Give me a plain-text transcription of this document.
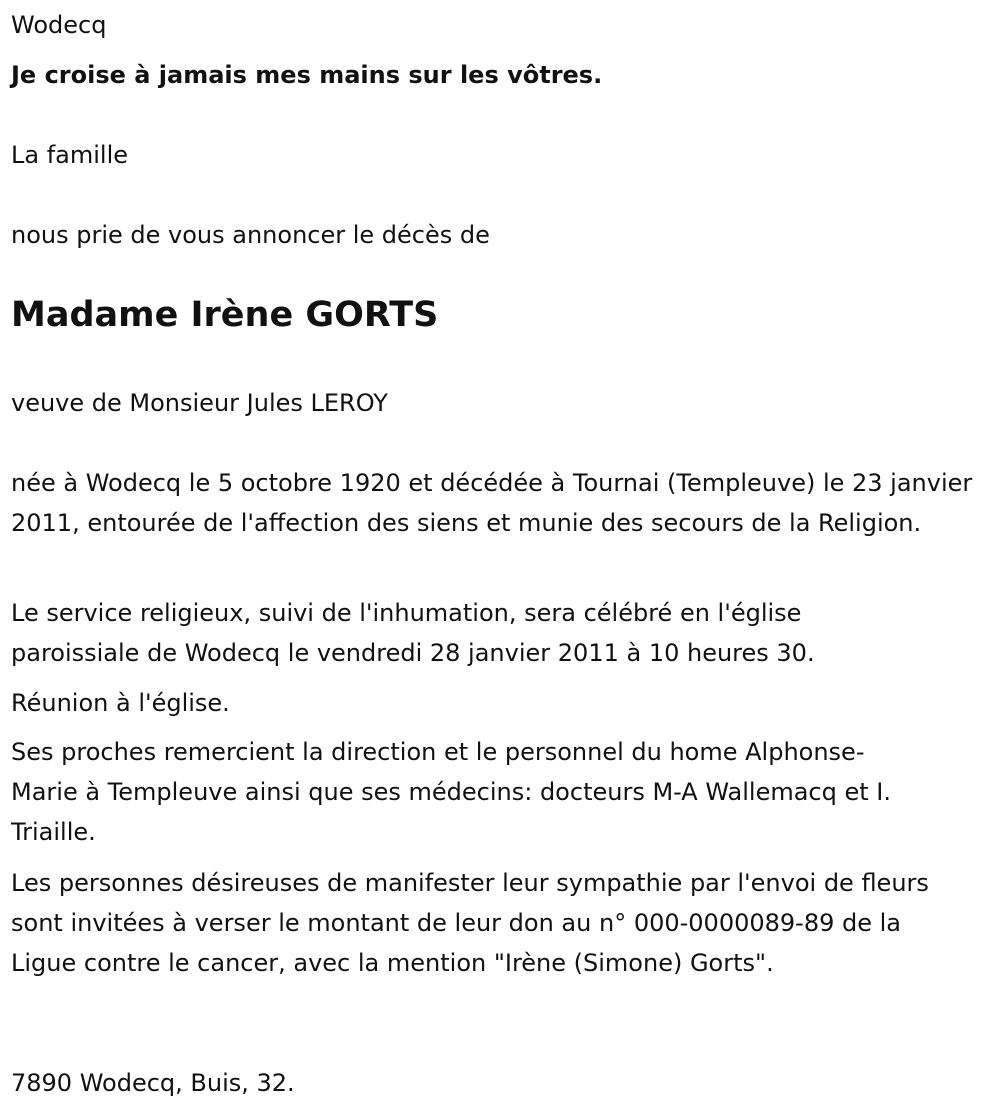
Wodecq

Je croise à jamais mes mains sur les vôtres.

La famille

nous prie de vous annoncer le décès de

Madame Irène GORTS

veuve de Monsieur Jules LEROY

née à Wodecq le 5 octobre 1920 et décédée à Tournai (Templeuve) le 23 janvier 2011, entourée de l'affection des siens et munie des secours de la Religion.

Le service religieux, suivi de l'inhumation, sera célébré en l'église paroissiale de Wodecq le vendredi 28 janvier 2011 à 10 heures 30.

Réunion à l'église.

Ses proches remercient la direction et le personnel du home Alphonse-Marie à Templeuve ainsi que ses médecins: docteurs M-A Wallemacq et I. Triaille.

Les personnes désireuses de manifester leur sympathie par l'envoi de fleurs sont invitées à verser le montant de leur don au n° 000-0000089-89 de la Ligue contre le cancer, avec la mention "Irène (Simone) Gorts".

7890 Wodecq, Buis, 32.
